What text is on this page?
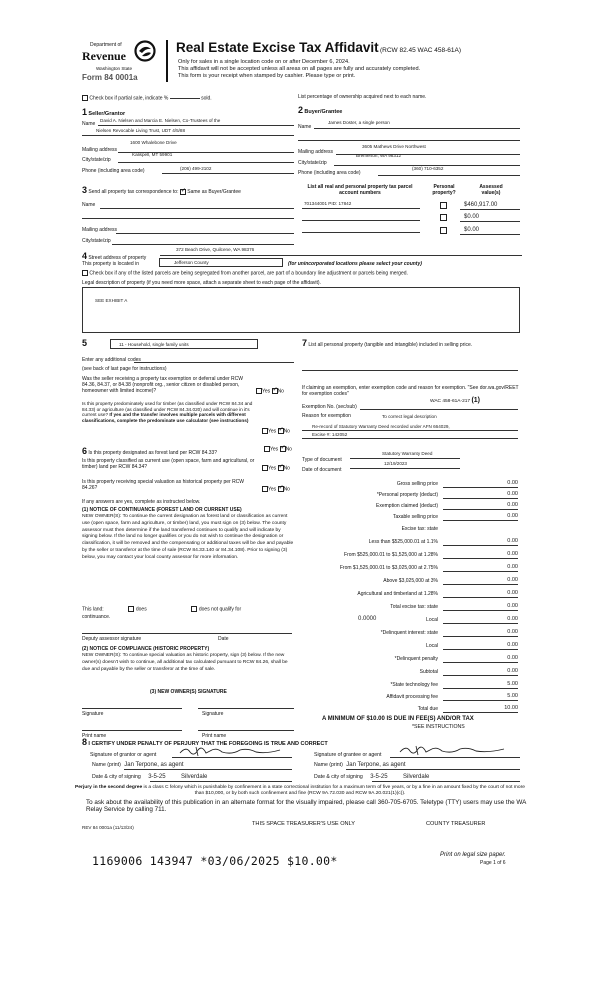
Department of
Revenue
Washington State
Form 84 0001a
Real Estate Excise Tax Affidavit (RCW 82.45 WAC 458-61A)
Only for sales in a single location code on or after December 6, 2024.
This affidavit will not be accepted unless all areas on all pages are fully and accurately completed.
This form is your receipt when stamped by cashier. Please type or print.
Check box if partial sale, indicate %	sold.	List percentage of ownership acquired next to each name.
1 Seller/Grantor
Name
David A. Nielsen and Marcia E. Nielsen, Co-Trustees of the
Nielsen Revocable Living Trust, UDT 4/5/88
Mailing address
1600 Whalebone Drive
City/state/zip
Kalispell, MT 59901
Phone (including area code)	(206) 499-2102
2 Buyer/Grantee
Name
James Doster, a single person
Mailing address
3605 Mathews Drive Northwest
City/state/zip
Bremerton, WA 98312
Phone (including area code)
(360) 710-6352
3 Send all property tax correspondence to: ✓ Same as Buyer/Grantee
Name
Mailing address
City/state/zip
List all real and personal property tax parcel account numbers
Personal property?
Assessed value(s)
701344001 PID: 17842	$460,917.00
$0.00
$0.00
4 Street address of property
372 Beach Drive, Quilcene, WA 98376
This property is located in	Jefferson County	(for unincorporated locations please select your county)
Check box if any of the listed parcels are being segregated from another parcel, are part of a boundary line adjustment or parcels being merged.
Legal description of property (if you need more space, attach a separate sheet to each page of the affidavit).
SEE EXHIBIT A
5	11 - Household, single family units
Enter any additional codes
(see back of last page for instructions)
Was the seller receiving a property tax exemption or deferral under RCW 84.36, 84.37, or 84.38 (nonprofit org., senior citizen or disabled person, homeowner with limited income)?	Yes ✓ No
Is this property predominately used for timber (as classified under RCW 84.34 and 84.33) or agriculture (as classified under RCW 84.34.020) and will continue in it's current use? If yes and the transfer involves multiple parcels with different classifications, complete the predominate use calculator (see instructions)
Yes ✓ No
6 Is this property designated as forest land per RCW 84.33?
Yes ✓ No
Is this property classified as current use (open space, farm and agricultural, or timber) land per RCW 84.34?	Yes ✓ No
Is this property receiving special valuation as historical property per RCW 84.26?	Yes ✓ No
If any answers are yes, complete as instructed below.
(1) NOTICE OF CONTINUANCE (FOREST LAND OR CURRENT USE)
NEW OWNER(S): To continue the current designation as forest land or classification as current use (open space, farm and agriculture, or timber) land, you must sign on (3) below. The county assessor must then determine if the land transferred continues to qualify and will indicate by signing below. If the land no longer qualifies or you do not wish to continue the designation or classification, it will be removed and the compensating or additional taxes will be due and payable by the seller or transferor at the time of sale (RCW 84.33.140 or 84.34.108). Prior to signing (3) below, you may contact your local county assessor for more information.
This land:	does	does not qualify for
continuance.
Deputy assessor signature	Date
(2) NOTICE OF COMPLIANCE (HISTORIC PROPERTY)
NEW OWNER(S): To continue special valuation as historic property, sign (3) below. If the new owner(s) doesn't wish to continue, all additional tax calculated pursuant to RCW 84.26, shall be due and payable by the seller or transferor at the time of sale.
(3) NEW OWNER(S) SIGNATURE
Signature	Signature
Print name	Print name
7 List all personal property (tangible and intangible) included in selling price.
If claiming an exemption, enter exemption code and reason for exemption. "See dor.wa.gov/REET for exemption codes"
WAC 458-61A-217 (1)
Exemption No. (sec/sub)
Reason for exemption	To correct legal description
Re-record of Statutory Warranty Deed recorded under AFN 664029,
Excise #: 142052
Type of document
Statutory Warranty Deed
Date of document
12/19/2023
Gross selling price	0.00
*Personal property (deduct)	0.00
Exemption claimed (deduct)	0.00
Taxable selling price	0.00
Excise tax: state
Less than $525,000.01 at 1.1%	0.00
From $525,000.01 to $1,525,000 at 1.28%	0.00
From $1,525,000.01 to $3,025,000 at 2.75%	0.00
Above $3,025,000 at 3%	0.00
Agricultural and timberland at 1.28%	0.00
Total excise tax: state	0.00
0.0000	Local	0.00
*Delinquent interest: state	0.00
Local	0.00
*Delinquent penalty	0.00
Subtotal	0.00
*State technology fee	5.00
Affidavit processing fee	5.00
Total due	10.00
A MINIMUM OF $10.00 IS DUE IN FEE(S) AND/OR TAX
*SEE INSTRUCTIONS
8 I CERTIFY UNDER PENALTY OF PERJURY THAT THE FOREGOING IS TRUE AND CORRECT
Signature of grantor or agent
Name (print) Jan Terpone, as agent
Date & city of signing 3-5-25	Silverdale
Signature of grantee or agent
Name (print) Jan Terpone, as agent
Date & city of signing 3-5-25	Silverdale
Perjury in the second degree is a class C felony which is punishable by confinement in a state correctional institution for a maximum term of five years, or by a fine in an amount fixed by the court of not more than $10,000, or by both such confinement and fine (RCW 9A.72.030 and RCW 9A.20.021(1)(c)).
To ask about the availability of this publication in an alternate format for the visually impaired, please call 360-705-6705. Teletype (TTY) users may use the WA Relay Service by calling 711.
REV 84 0001a (11/13/24)
THIS SPACE TREASURER'S USE ONLY	COUNTY TREASURER
1169006 143947 *03/06/2025 $10.00*	Print on legal size paper.
Page 1 of 6
